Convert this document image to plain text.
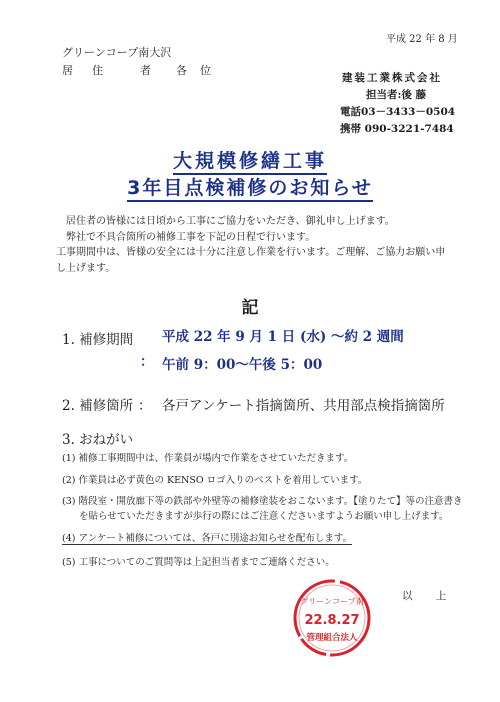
平成 22 年 8 月
グリーンコープ南大沢
居 住	者 各 位
建装工業株式会社
担当者:後 藤
電話03－3433－0504
携帯 090-3221-7484
大規模修繕工事
3年目点検補修のお知らせ
居住者の皆様には日頃から工事にご協力をいただき、御礼申し上げます。
弊社で不具合箇所の補修工事を下記の日程で行います。
工事期間中は、皆様の安全には十分に注意し作業を行います。ご理解、ご協力お願い申
し上げます。
記
1. 補修期間
：
平成 22 年 9 月 1 日 (水) ～約 2 週間
午前 9：00～午後 5：00
2. 補修箇所 ： 各戸アンケート指摘箇所、共用部点検指摘箇所
3. おねがい
(1) 補修工事期間中は、作業員が場内で作業をさせていただきます。
(2) 作業員は必ず黄色の KENSO ロゴ入りのベストを着用しています。
(3) 階段室・開放廊下等の鉄部や外壁等の補修塗装をおこないます。【塗りたて】等の注意書き
を貼らせていただきますが歩行の際にはご注意くださいますようお願い申し上げます。
(4) アンケート補修については、各戸に別途お知らせを配布します。
(5) 工事についてのご質問等は上記担当者までご連絡ください。
以 上
グリーンコープ南
22.8.27
管理組合法人
